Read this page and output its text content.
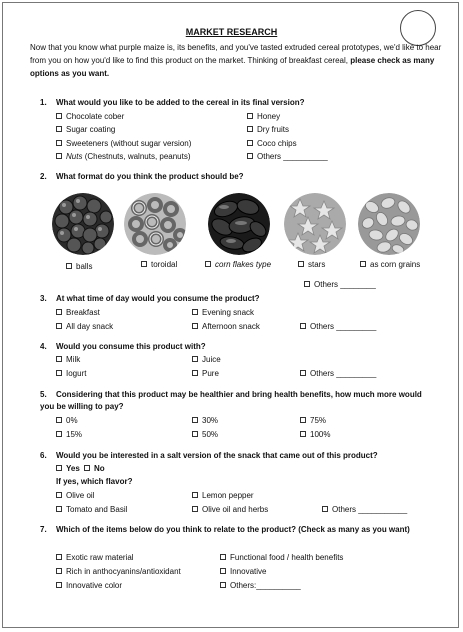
MARKET RESEARCH
Now that you know what purple maize is, its benefits, and you've tasted extruded cereal prototypes, we'd like to hear from you on how you'd like to find this product on the market. Thinking of breakfast cereal, please check as many options as you want.
1. What would you like to be added to the cereal in its final version?
Chocolate cober	Honey
Sugar coating	Dry fruits
Sweeteners (without sugar version)	Coco chips
Nuts (Chestnuts, walnuts, peanuts)	Others __________
2. What format do you think the product should be?
balls	toroidal	corn flakes type	stars	as corn grains
Others ________
3. At what time of day would you consume the product?
Breakfast	Evening snack
All day snack	Afternoon snack	Others _________
4. Would you consume this product with?
Milk	Juice
Iogurt	Pure	Others _________
5. Considering that this product may be healthier and bring health benefits, how much more would you be willing to pay?
0%	30%	75%
15%	50%	100%
6. Would you be interested in a salt version of the snack that came out of this product?
Yes	No
If yes, which flavor?
Olive oil	Lemon pepper
Tomato and Basil	Olive oil and herbs	Others ___________
7. Which of the items below do you think to relate to the product? (Check as many as you want)
Exotic raw material	Functional food / health benefits
Rich in anthocyanins/antioxidant	Innovative
Innovative color	Others:__________
